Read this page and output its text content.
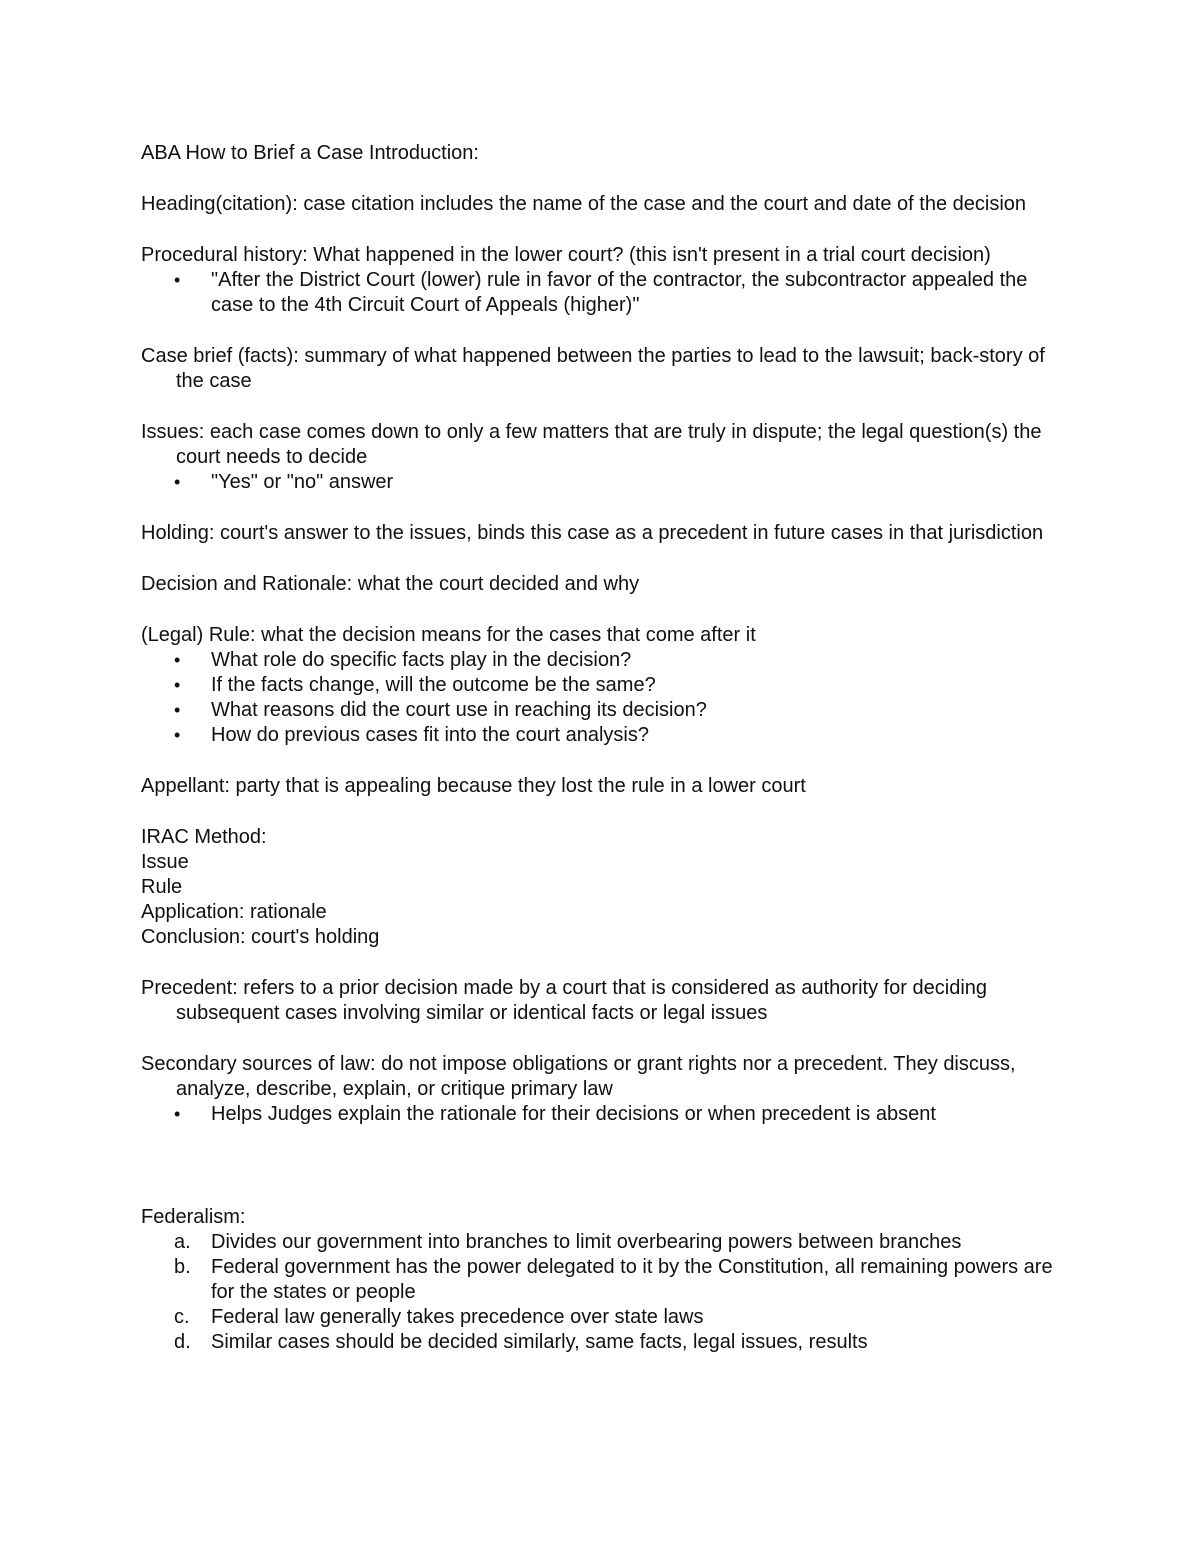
ABA How to Brief a Case Introduction:

Heading(citation): case citation includes the name of the case and the court and date of the decision

Procedural history: What happened in the lower court? (this isn't present in a trial court decision)

•	"After the District Court (lower) rule in favor of the contractor, the subcontractor appealed the case to the 4th Circuit Court of Appeals (higher)"

Case brief (facts): summary of what happened between the parties to lead to the lawsuit; back-story of the case

Issues: each case comes down to only a few matters that are truly in dispute; the legal question(s) the court needs to decide

•	"Yes" or "no" answer

Holding: court's answer to the issues, binds this case as a precedent in future cases in that jurisdiction

Decision and Rationale: what the court decided and why

(Legal) Rule: what the decision means for the cases that come after it

•	What role do specific facts play in the decision?
•	If the facts change, will the outcome be the same?
•	What reasons did the court use in reaching its decision?
•	How do previous cases fit into the court analysis?

Appellant: party that is appealing because they lost the rule in a lower court

IRAC Method:

Issue

Rule

Application: rationale

Conclusion: court's holding

Precedent: refers to a prior decision made by a court that is considered as authority for deciding subsequent cases involving similar or identical facts or legal issues

Secondary sources of law: do not impose obligations or grant rights nor a precedent. They discuss, analyze, describe, explain, or critique primary law

•	Helps Judges explain the rationale for their decisions or when precedent is absent

Federalism:

a.	Divides our government into branches to limit overbearing powers between branches
b.	Federal government has the power delegated to it by the Constitution, all remaining powers are for the states or people
c.	Federal law generally takes precedence over state laws
d.	Similar cases should be decided similarly, same facts, legal issues, results
